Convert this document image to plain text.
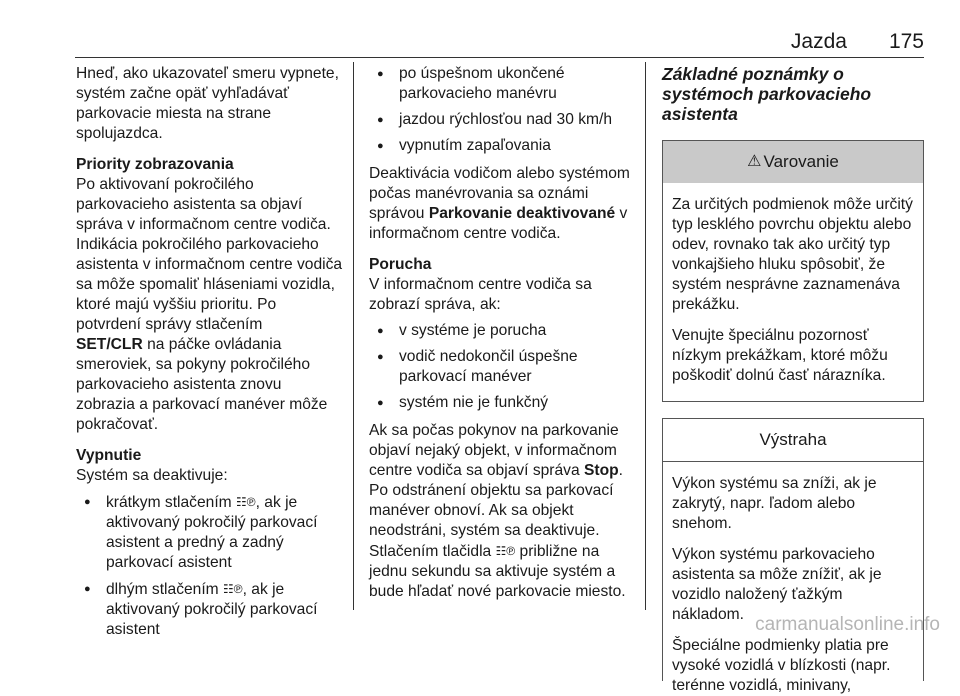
Jazda 175

Hneď, ako ukazovateľ smeru vypnete, systém začne opäť vyhľadávať parkovacie miesta na strane spolujazdca.

Priority zobrazovania
Po aktivovaní pokročilého parkovacieho asistenta sa objaví správa v informačnom centre vodiča. Indikácia pokročilého parkovacieho asistenta v informačnom centre vodiča sa môže spomaliť hláseniami vozidla, ktoré majú vyššiu prioritu. Po potvrdení správy stlačením
SET/CLR na páčke ovládania smeroviek, sa pokyny pokročilého parkovacieho asistenta znovu zobrazia a parkovací manéver môže pokračovať.

Vypnutie
Systém sa deaktivuje:

● krátkym stlačením ☷℗, ak je aktivovaný pokročilý parkovací asistent a predný a zadný parkovací asistent
● dlhým stlačením ☷℗, ak je aktivovaný pokročilý parkovací asistent
● po úspešnom ukončené parkovacieho manévru
● jazdou rýchlosťou nad 30 km/h
● vypnutím zapaľovania

Deaktivácia vodičom alebo systémom počas manévrovania sa oznámi správou Parkovanie deaktivované v informačnom centre vodiča.

Porucha
V informačnom centre vodiča sa zobrazí správa, ak:

● v systéme je porucha
● vodič nedokončil úspešne parkovací manéver
● systém nie je funkčný

Ak sa počas pokynov na parkovanie objaví nejaký objekt, v informačnom centre vodiča sa objaví správa Stop. Po odstránení objektu sa parkovací manéver obnoví. Ak sa objekt neodstráni, systém sa deaktivuje. Stlačením tlačidla ☷℗ približne na jednu sekundu sa aktivuje systém a bude hľadať nové parkovacie miesto.

Základné poznámky o systémoch parkovacieho asistenta
⚠ Varovanie

Za určitých podmienok môže určitý typ lesklého povrchu objektu alebo odev, rovnako tak ako určitý typ vonkajšieho hluku spôsobiť, že systém nesprávne zaznamenáva prekážku.

Venujte špeciálnu pozornosť nízkym prekážkam, ktoré môžu poškodiť dolnú časť nárazníka.

Výstraha

Výkon systému sa zníži, ak je zakrytý, napr. ľadom alebo snehom.

Výkon systému parkovacieho asistenta sa môže znížiť, ak je vozidlo naložený ťažkým nákladom.

Špeciálne podmienky platia pre vysoké vozidlá v blízkosti (napr. terénne vozidlá, minivany,

carmanualsonline.info
